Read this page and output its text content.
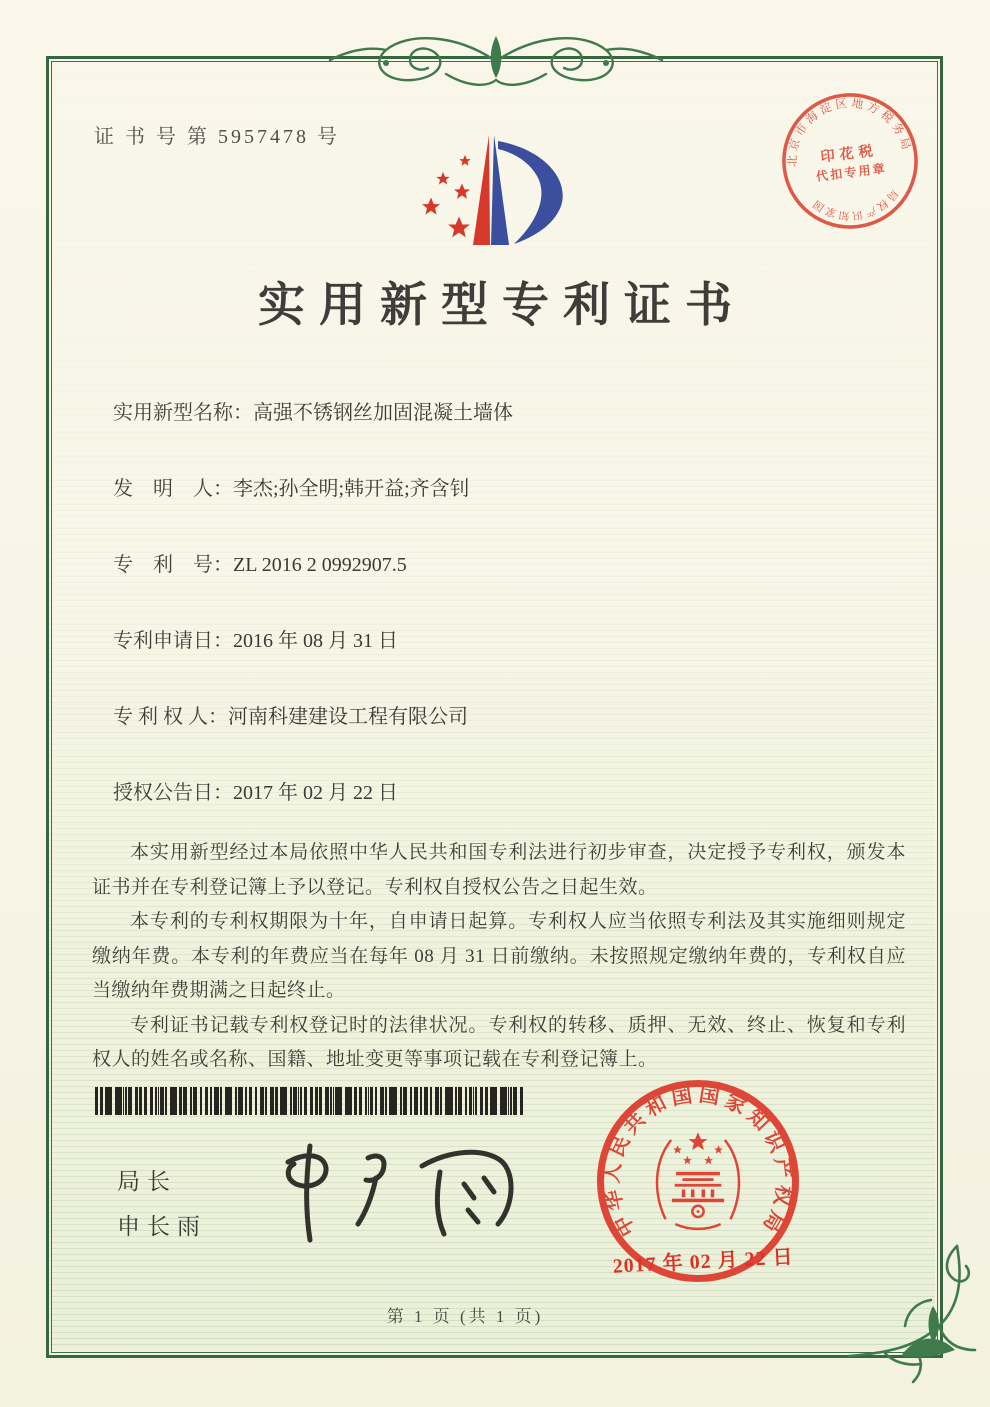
证 书 号 第 5957478 号
实用新型专利证书
北京市海淀区地方税务局
印花税
代扣专用章
局权产识知家国
实用新型名称：高强不锈钢丝加固混凝土墙体
发　明　人：李杰;孙全明;韩开益;齐含钊
专　利　号：ZL 2016 2 0992907.5
专利申请日：2016 年 08 月 31 日
专 利 权 人：河南科建建设工程有限公司
授权公告日：2017 年 02 月 22 日

本实用新型经过本局依照中华人民共和国专利法进行初步审查，决定授予专利权，颁发本证书并在专利登记簿上予以登记。专利权自授权公告之日起生效。

本专利的专利权期限为十年，自申请日起算。专利权人应当依照专利法及其实施细则规定缴纳年费。本专利的年费应当在每年 08 月 31 日前缴纳。未按照规定缴纳年费的，专利权自应当缴纳年费期满之日起终止。

专利证书记载专利权登记时的法律状况。专利权的转移、质押、无效、终止、恢复和专利权人的姓名或名称、国籍、地址变更等事项记载在专利登记簿上。

局长
申长雨	中华人民共和国国家知识产权局
2017 年 02 月 22 日
第 1 页 (共 1 页)
